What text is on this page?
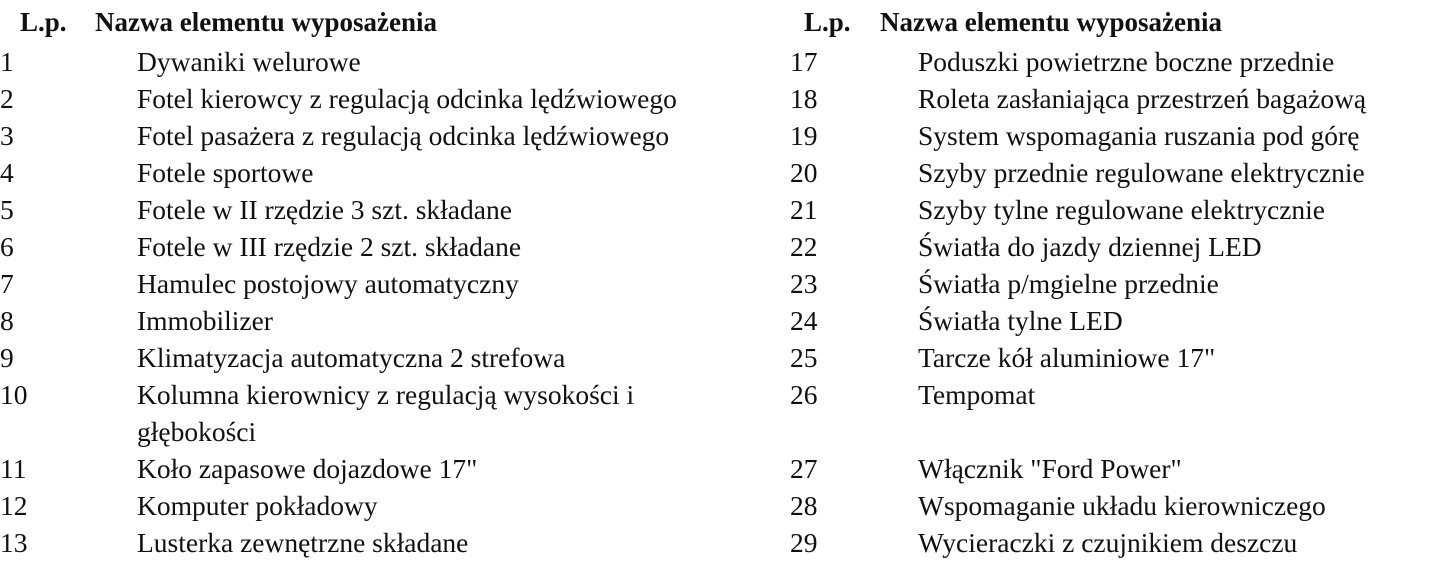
L.p.	Nazwa elementu wyposażenia
1	Dywaniki welurowe
2	Fotel kierowcy z regulacją odcinka lędźwiowego
3	Fotel pasażera z regulacją odcinka lędźwiowego
4	Fotele sportowe
5	Fotele w II rzędzie 3 szt. składane
6	Fotele w III rzędzie 2 szt. składane
7	Hamulec postojowy automatyczny
8	Immobilizer
9	Klimatyzacja automatyczna 2 strefowa
10	Kolumna kierownicy z regulacją wysokości i
głębokości
11	Koło zapasowe dojazdowe 17"
12	Komputer pokładowy
13	Lusterka zewnętrzne składane
L.p.	Nazwa elementu wyposażenia
17	Poduszki powietrzne boczne przednie
18	Roleta zasłaniająca przestrzeń bagażową
19	System wspomagania ruszania pod górę
20	Szyby przednie regulowane elektrycznie
21	Szyby tylne regulowane elektrycznie
22	Światła do jazdy dziennej LED
23	Światła p/mgielne przednie
24	Światła tylne LED
25	Tarcze kół aluminiowe 17"
26	Tempomat

27	Włącznik "Ford Power"
28	Wspomaganie układu kierowniczego
29	Wycieraczki z czujnikiem deszczu
